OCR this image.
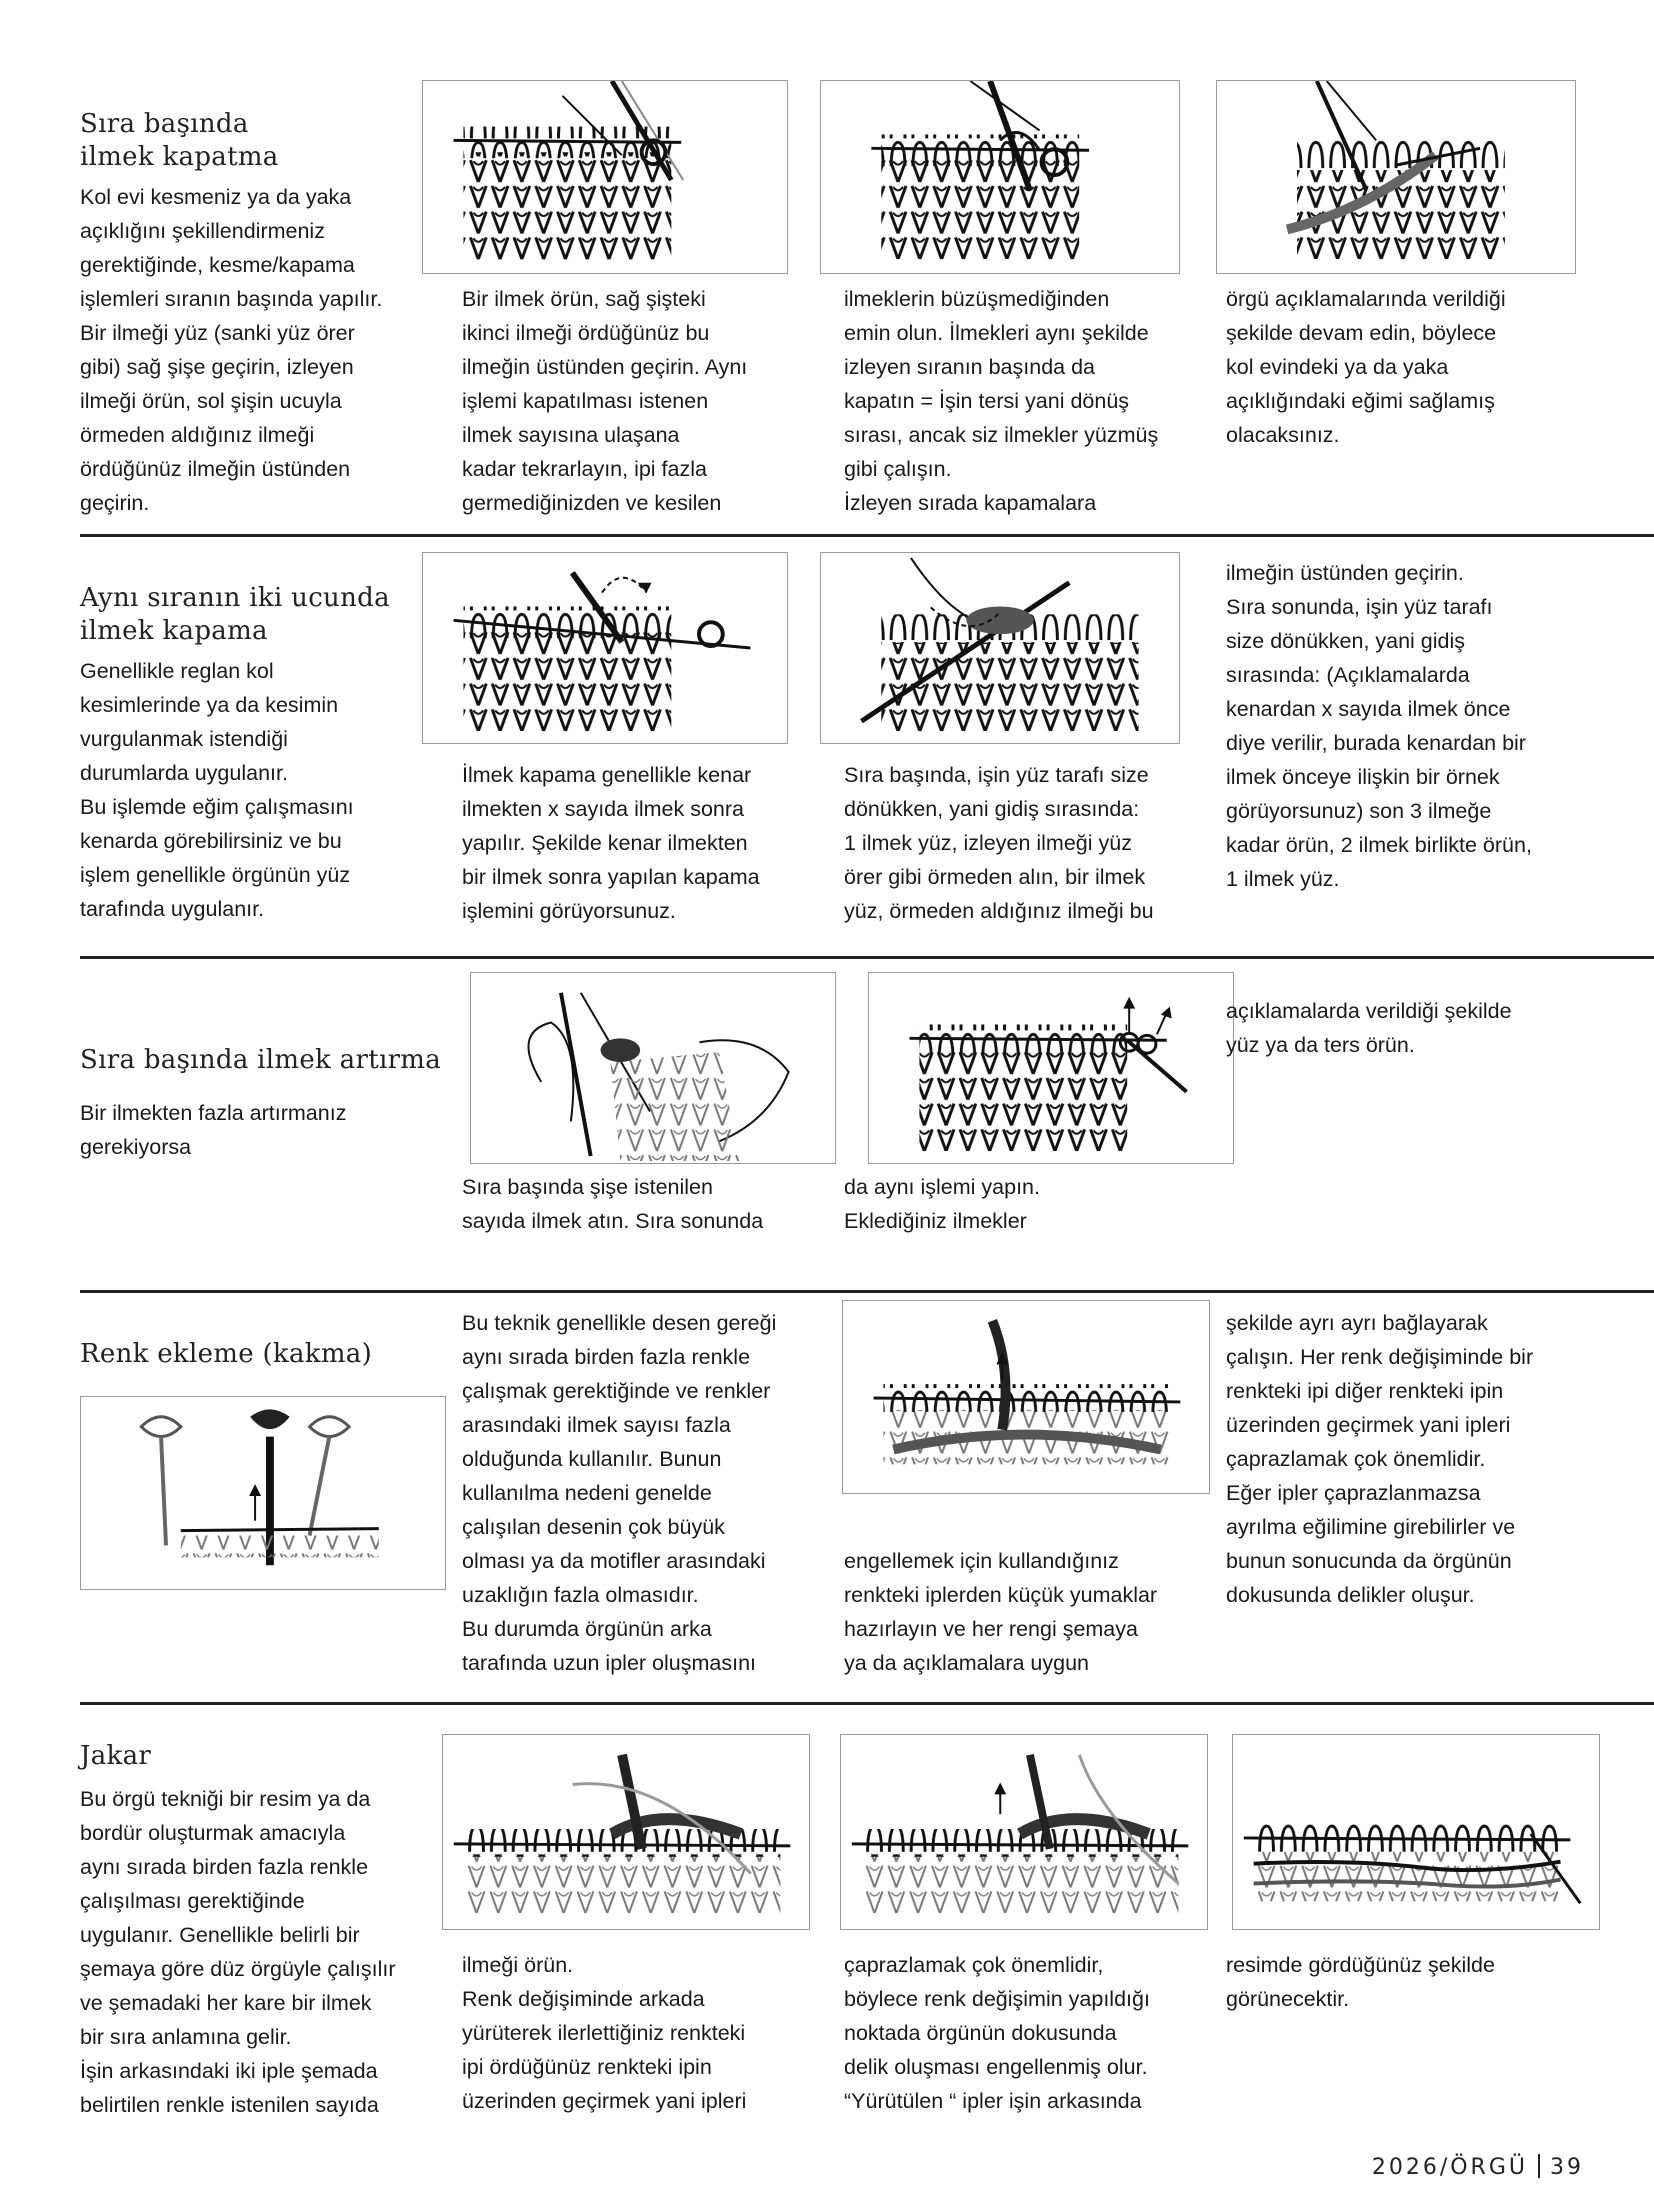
Sıra başında
ilmek kapatma
Kol evi kesmeniz ya da yaka
açıklığını şekillendirmeniz
gerektiğinde, kesme/kapama
işlemleri sıranın başında yapılır.
Bir ilmeği yüz (sanki yüz örer
gibi) sağ şişe geçirin, izleyen
ilmeği örün, sol şişin ucuyla
örmeden aldığınız ilmeği
ördüğünüz ilmeğin üstünden
geçirin.
Bir ilmek örün, sağ şişteki
ikinci ilmeği ördüğünüz bu
ilmeğin üstünden geçirin. Aynı
işlemi kapatılması istenen
ilmek sayısına ulaşana
kadar tekrarlayın, ipi fazla
germediğinizden ve kesilen
ilmeklerin büzüşmediğinden
emin olun. İlmekleri aynı şekilde
izleyen sıranın başında da
kapatın = İşin tersi yani dönüş
sırası, ancak siz ilmekler yüzmüş
gibi çalışın.
İzleyen sırada kapamalara
örgü açıklamalarında verildiği
şekilde devam edin, böylece
kol evindeki ya da yaka
açıklığındaki eğimi sağlamış
olacaksınız.
Aynı sıranın iki ucunda
ilmek kapama
Genellikle reglan kol
kesimlerinde ya da kesimin
vurgulanmak istendiği
durumlarda uygulanır.
Bu işlemde eğim çalışmasını
kenarda görebilirsiniz ve bu
işlem genellikle örgünün yüz
tarafında uygulanır.
İlmek kapama genellikle kenar
ilmekten x sayıda ilmek sonra
yapılır. Şekilde kenar ilmekten
bir ilmek sonra yapılan kapama
işlemini görüyorsunuz.
Sıra başında, işin yüz tarafı size
dönükken, yani gidiş sırasında:
1 ilmek yüz, izleyen ilmeği yüz
örer gibi örmeden alın, bir ilmek
yüz, örmeden aldığınız ilmeği bu
ilmeğin üstünden geçirin.
Sıra sonunda, işin yüz tarafı
size dönükken, yani gidiş
sırasında: (Açıklamalarda
kenardan x sayıda ilmek önce
diye verilir, burada kenardan bir
ilmek önceye ilişkin bir örnek
görüyorsunuz) son 3 ilmeğe
kadar örün, 2 ilmek birlikte örün,
1 ilmek yüz.
Sıra başında ilmek artırma
Bir ilmekten fazla artırmanız
gerekiyorsa
Sıra başında şişe istenilen
sayıda ilmek atın. Sıra sonunda
da aynı işlemi yapın.
Eklediğiniz ilmekler
açıklamalarda verildiği şekilde
yüz ya da ters örün.
Renk ekleme (kakma)
Bu teknik genellikle desen gereği
aynı sırada birden fazla renkle
çalışmak gerektiğinde ve renkler
arasındaki ilmek sayısı fazla
olduğunda kullanılır. Bunun
kullanılma nedeni genelde
çalışılan desenin çok büyük
olması ya da motifler arasındaki
uzaklığın fazla olmasıdır.
Bu durumda örgünün arka
tarafında uzun ipler oluşmasını
engellemek için kullandığınız
renkteki iplerden küçük yumaklar
hazırlayın ve her rengi şemaya
ya da açıklamalara uygun
şekilde ayrı ayrı bağlayarak
çalışın. Her renk değişiminde bir
renkteki ipi diğer renkteki ipin
üzerinden geçirmek yani ipleri
çaprazlamak çok önemlidir.
Eğer ipler çaprazlanmazsa
ayrılma eğilimine girebilirler ve
bunun sonucunda da örgünün
dokusunda delikler oluşur.
Jakar
Bu örgü tekniği bir resim ya da
bordür oluşturmak amacıyla
aynı sırada birden fazla renkle
çalışılması gerektiğinde
uygulanır. Genellikle belirli bir
şemaya göre düz örgüyle çalışılır
ve şemadaki her kare bir ilmek
bir sıra anlamına gelir.
İşin arkasındaki iki iple şemada
belirtilen renkle istenilen sayıda
ilmeği örün.
Renk değişiminde arkada
yürüterek ilerlettiğiniz renkteki
ipi ördüğünüz renkteki ipin
üzerinden geçirmek yani ipleri
çaprazlamak çok önemlidir,
böylece renk değişimin yapıldığı
noktada örgünün dokusunda
delik oluşması engellenmiş olur.
“Yürütülen “ ipler işin arkasında
resimde gördüğünüz şekilde
görünecektir.
2026/ÖRGÜ 39
